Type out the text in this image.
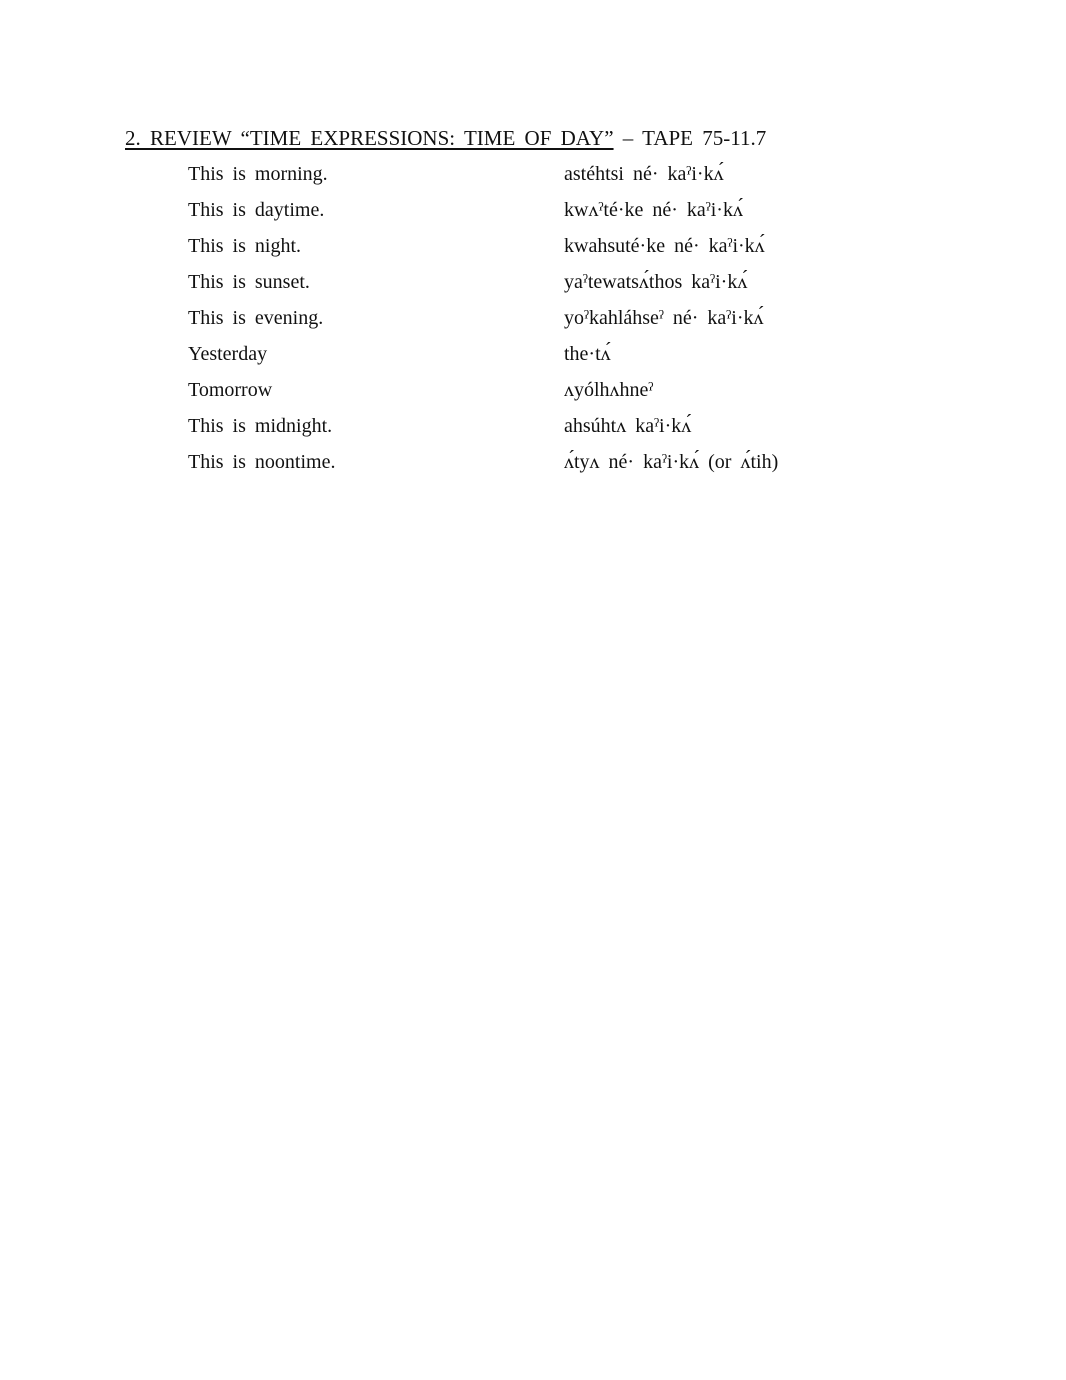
2. REVIEW “TIME EXPRESSIONS: TIME OF DAY” – TAPE 75-11.7
This is morning.	astéhtsi né· kaˀi·kʌ́
This is daytime.	kwʌˀté·ke né· kaˀi·kʌ́
This is night.	kwahsuté·ke né· kaˀi·kʌ́
This is sunset.	yaˀtewatsʌ́thos kaˀi·kʌ́
This is evening.	yoˀkahláhseˀ né· kaˀi·kʌ́
Yesterday	the·tʌ́
Tomorrow	ʌyólhʌhneˀ
This is midnight.	ahsúhtʌ kaˀi·kʌ́
This is noontime.	ʌ́tyʌ né· kaˀi·kʌ́ (or ʌ́tih)
